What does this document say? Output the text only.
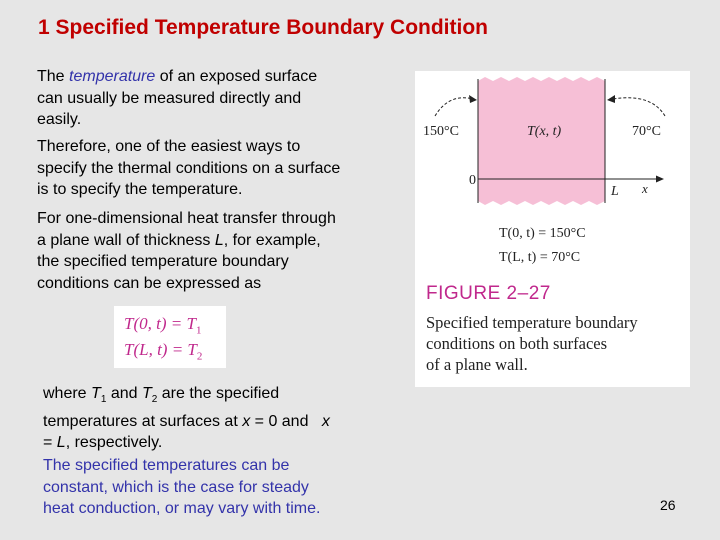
1 Specified Temperature Boundary Condition
The temperature of an exposed surface
can usually be measured directly and
easily.
Therefore, one of the easiest ways to
specify the thermal conditions on a surface
is to specify the temperature.
For one-dimensional heat transfer through
a plane wall of thickness L, for example,
the specified temperature boundary
conditions can be expressed as
T(0, $t) = T_1$
T(L, $t) = T_2$
where $T_1$ and $T_2$ are the specified
temperatures at surfaces at x = 0 and   x
= L, respectively.
The specified temperatures can be
constant, which is the case for steady
heat conduction, or may vary with time.
150°C	70°C
T(x, t)
0
L x
T(0, t) = 150°C
T(L, t) = 70°C
FIGURE 2–27
Specified temperature boundary
conditions on both surfaces
of a plane wall.
26
